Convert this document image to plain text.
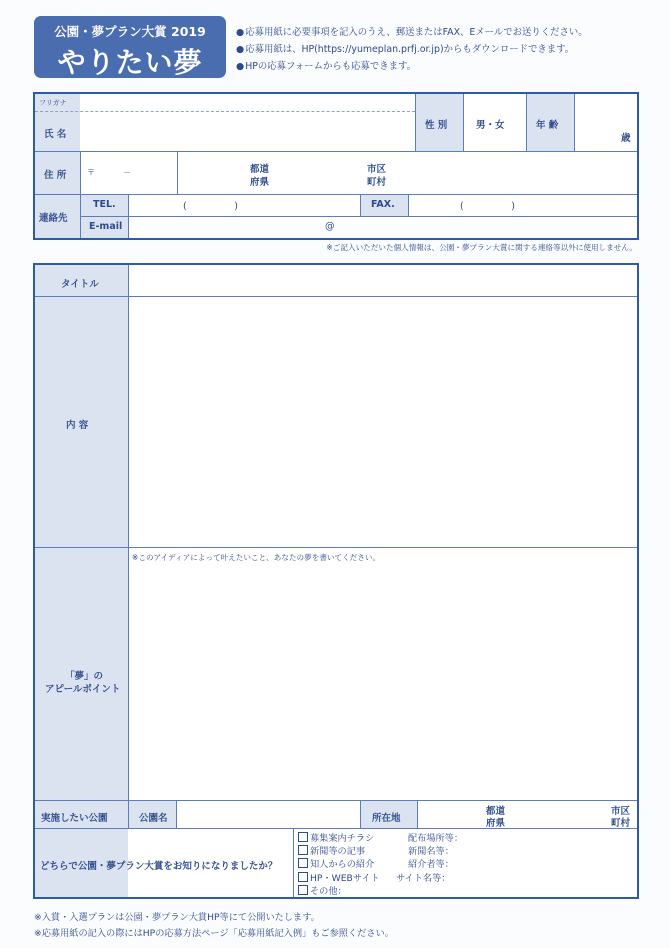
公園・夢プラン大賞 2019
やりたい夢
● 応募用紙に必要事項を記入のうえ、郵送またはFAX、Eメールでお送りください。
● 応募用紙は、HP(https://yumeplan.prfj.or.jp)からもダウンロードできます。
● HPの応募フォームからも応募できます。
フリガナ
氏 名
性 別	男・女	年 齢
歳
住 所	〒	－	都道
府県
市区
町村
連絡先
TEL.	(　　　　　)	FAX.	(　　　　　)
E-mail	@
※ご記入いただいた個人情報は、公園・夢プラン大賞に関する連絡等以外に使用しません。
タイトル
内 容
「夢」の
アピールポイント
※このアイディアによって叶えたいこと、あなたの夢を書いてください。
実施したい公園	公園名	所在地
都道
府県
市区
町村
どちらで公園・夢プラン大賞をお知りになりましたか？
募集案内チラシ	配布場所等：
新聞等の記事	新聞名等：
知人からの紹介	紹介者等：
HP・WEBサイト サイト名等：
その他：
※入賞・入選プランは公園・夢プラン大賞HP等にて公開いたします。
※応募用紙の記入の際にはHPの応募方法ページ「応募用紙記入例」もご参照ください。
